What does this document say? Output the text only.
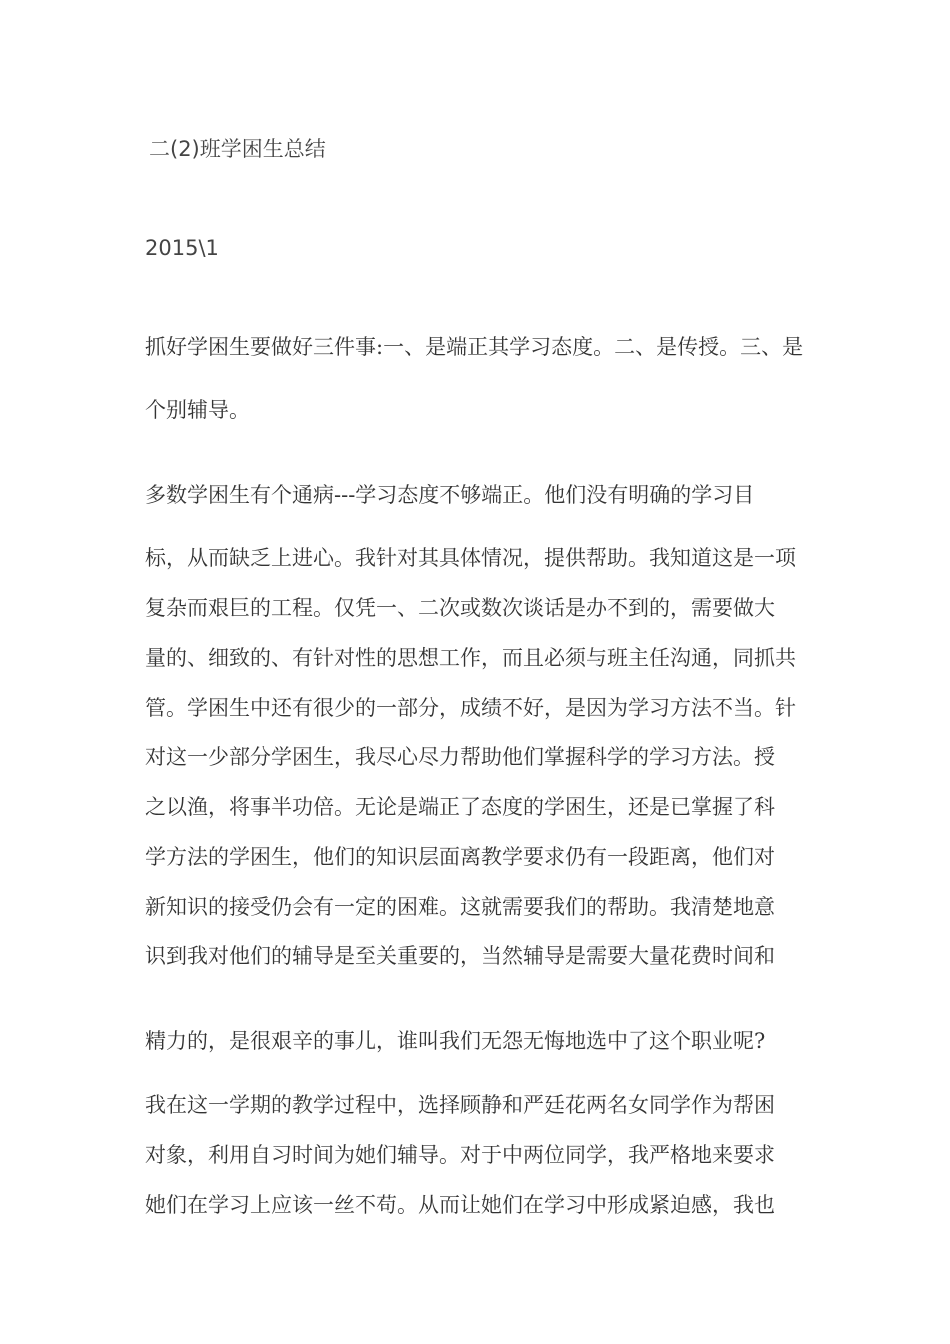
二(2)班学困生总结

2015\1

抓好学困生要做好三件事:一、是端正其学习态度。二、是传授。三、是

个别辅导。

多数学困生有个通病---学习态度不够端正。他们没有明确的学习目

标，从而缺乏上进心。我针对其具体情况，提供帮助。我知道这是一项

复杂而艰巨的工程。仅凭一、二次或数次谈话是办不到的，需要做大

量的、细致的、有针对性的思想工作，而且必须与班主任沟通，同抓共

管。学困生中还有很少的一部分，成绩不好，是因为学习方法不当。针

对这一少部分学困生，我尽心尽力帮助他们掌握科学的学习方法。授

之以渔，将事半功倍。无论是端正了态度的学困生，还是已掌握了科

学方法的学困生，他们的知识层面离教学要求仍有一段距离，他们对

新知识的接受仍会有一定的困难。这就需要我们的帮助。我清楚地意

识到我对他们的辅导是至关重要的，当然辅导是需要大量花费时间和

精力的，是很艰辛的事儿，谁叫我们无怨无悔地选中了这个职业呢?

我在这一学期的教学过程中，选择顾静和严廷花两名女同学作为帮困

对象，利用自习时间为她们辅导。对于中两位同学，我严格地来要求

她们在学习上应该一丝不苟。从而让她们在学习中形成紧迫感，我也
